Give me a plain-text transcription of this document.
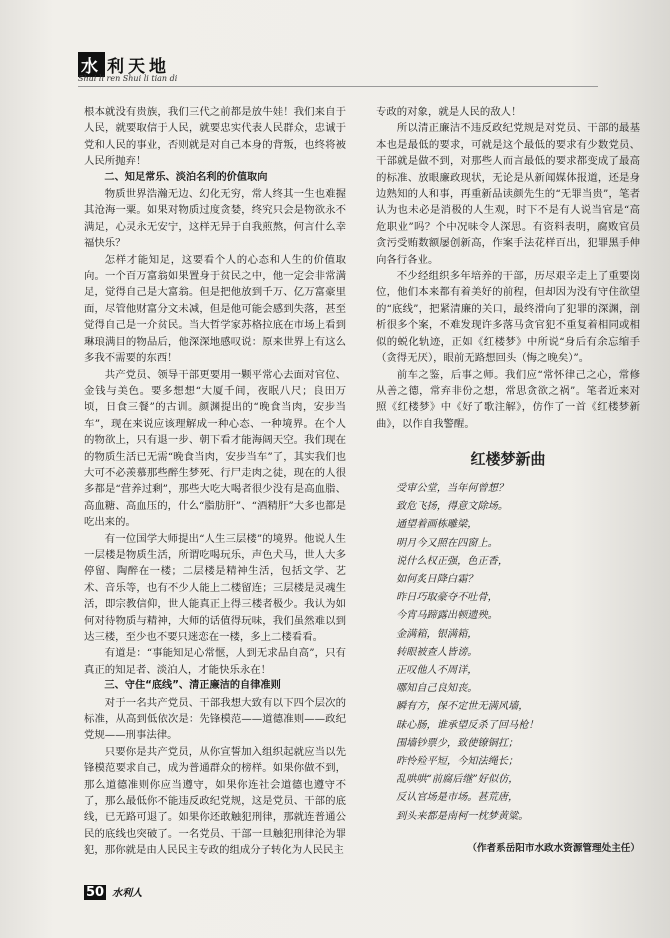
水 利天地
Shui li ren Shui li tian di

根本就没有贵族，我们三代之前都是放牛娃！我们来自于人民，就要取信于人民，就要忠实代表人民群众，忠诚于党和人民的事业，否则就是对自己本身的背叛，也终将被人民所抛弃！

二、知足常乐、淡泊名利的价值取向

物质世界浩瀚无边、幻化无穷，常人终其一生也难握其沧海一粟。如果对物质过度贪婪，终究只会是物欲永不满足，心灵永无安宁，这样无异于自我煎熬，何言什么幸福快乐？

怎样才能知足，这要看个人的心态和人生的价值取向。一个百万富翁如果置身于贫民之中，他一定会非常满足，觉得自己是大富翁。但是把他放到千万、亿万富豪里面，尽管他财富分文未减，但是他可能会感到失落，甚至觉得自己是一介贫民。当大哲学家苏格拉底在市场上看到琳琅满目的物品后，他深深地感叹说：原来世界上有这么多我不需要的东西！

共产党员、领导干部更要用一颗平常心去面对官位、金钱与美色。要多想想“大厦千间，夜眠八尺；良田万顷，日食三餐”的古训。颜渊提出的“晚食当肉，安步当车”，现在来说应该理解成一种心态、一种境界。在个人的物欲上，只有退一步、朝下看才能海阔天空。我们现在的物质生活已无需“晚食当肉，安步当车”了，其实我们也大可不必羡慕那些醉生梦死、行尸走肉之徒，现在的人很多都是“营养过剩”，那些大吃大喝者很少没有是高血脂、高血糖、高血压的，什么“脂肪肝”、“酒精肝”大多也都是吃出来的。

有一位国学大师提出“人生三层楼”的境界。他说人生一层楼是物质生活，所谓吃喝玩乐，声色犬马，世人大多停留、陶醉在一楼；二层楼是精神生活，包括文学、艺术、音乐等，也有不少人能上二楼留连；三层楼是灵魂生活，即宗教信仰，世人能真正上得三楼者极少。我认为如何对待物质与精神，大师的话值得玩味，我们虽然难以到达三楼，至少也不要只迷恋在一楼，多上二楼看看。

有道是：“事能知足心常惬，人到无求品自高”，只有真正的知足者、淡泊人，才能快乐永在！

三、守住“底线”、清正廉洁的自律准则

对于一名共产党员、干部我想大致有以下四个层次的标准，从高到低依次是：先锋模范——道德准则——政纪党规——刑事法律。

只要你是共产党员，从你宣誓加入组织起就应当以先锋模范要求自己，成为普通群众的榜样。如果你做不到，那么道德准则你应当遵守，如果你连社会道德也遵守不了，那么最低你不能违反政纪党规，这是党员、干部的底线，已无路可退了。如果你还敢触犯刑律，那就连普通公民的底线也突破了。一名党员、干部一旦触犯刑律沦为罪犯，那你就是由人民民主专政的组成分子转化为人民民主

专政的对象，就是人民的敌人！

所以清正廉洁不违反政纪党规是对党员、干部的最基本也是最低的要求，可就是这个最低的要求有少数党员、干部就是做不到，对那些人而言最低的要求都变成了最高的标准、放眼廉政现状，无论是从新闻媒体报道，还是身边熟知的人和事，再重新品读颜先生的“无罪当贵”，笔者认为也未必是消极的人生观，时下不是有人说当官是“高危职业”吗？个中况味令人深思。有资料表明，腐败官员贪污受贿数额屡创新高，作案手法花样百出，犯罪黑手伸向各行各业。

不少经组织多年培养的干部，历尽艰辛走上了重要岗位，他们本来都有着美好的前程，但却因为没有守住欲望的“底线”，把紧清廉的关口，最终滑向了犯罪的深渊，剖析很多个案，不难发现许多落马贪官犯不重复着相同或相似的蜕化轨迹，正如《红楼梦》中所说“身后有余忘缩手（贪得无厌），眼前无路想回头（悔之晚矣）”。

前车之鉴，后事之师。我们应“常怀律己之心，常修从善之德，常弃非份之想，常思贪欲之祸”。笔者近来对照《红楼梦》中《好了歌注解》，仿作了一首《红楼梦新曲》，以作自我警醒。

红楼梦新曲
受审公堂，当年何曾想？
致危飞扬，得意文除场。
通望着画栋雕梁，
明月今又照在四窗上。
说什么权正强，色正香，
如何炙日降白霜？
昨日巧取豪夺不吐骨，
今宵马蹄露出顿遗殃。
金满箱，银满箱，
转眼被查人皆谤。
正叹他人不周详，
哪知自己良知丧。
瞬有方，保不定世无满风墙，
昧心肠，谁承望反杀了回马枪！
围墙钞票少，致使镣铜扛；
昨怜殓平短，今知法绳长；
乱哄哄“前腐后继”好似仿，
反认官场是市场。甚荒唐，
到头来都是南柯一枕梦黄粱。
（作者系岳阳市水政水资源管理处主任）
50 水利人
